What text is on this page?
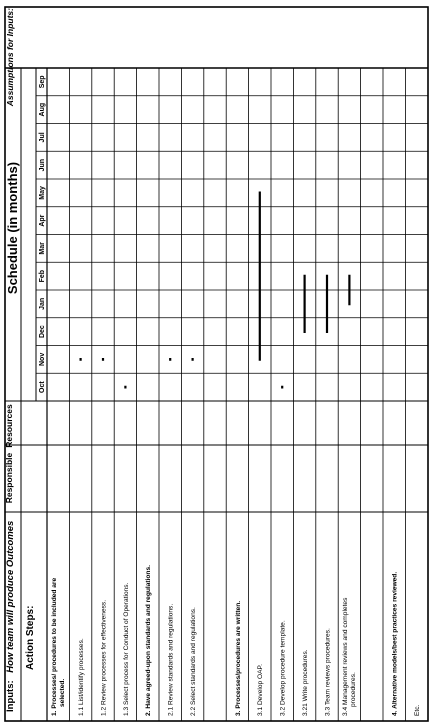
Inputs: How team will produce Outcomes
Responsible
Resources
Schedule (in months)
Assumptions for Inputs:
Action Steps:
Oct
Nov
Dec
Jan
Feb
Mar
Apr
May
Jun
Jul
Aug
Sep
1. Processes/ procedures to be included are selected. 1.1 List/identify processes. 1.2 Review processes for effectiveness. 1.3 Select process for Conduct of Operations. 2. Have agreed-upon standards and regulations. 2.1 Review standards and regulations. 2.2 Select standards and regulations.	3. Processes/procedures are written. 3.1 Develop OAP. 3.2 Develop procedure template. 3.21 Write procedures. 3.3 Team reviews procedures. 3.4 Management reviews and completes procedures.	4. Alternative models/best practices reviewed. Etc.
